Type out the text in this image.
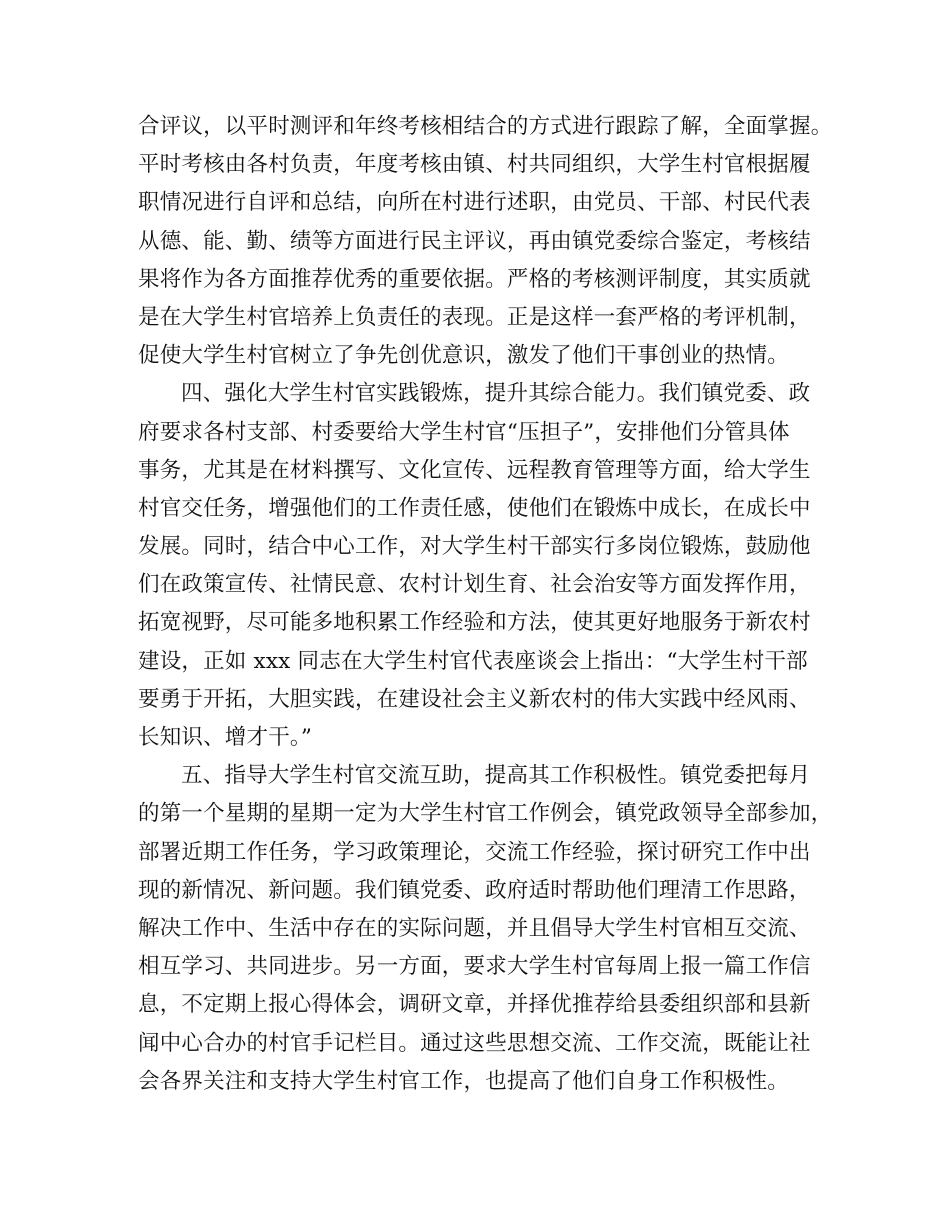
合评议，以平时测评和年终考核相结合的方式进行跟踪了解，全面掌握。
平时考核由各村负责，年度考核由镇、村共同组织，大学生村官根据履
职情况进行自评和总结，向所在村进行述职，由党员、干部、村民代表
从德、能、勤、绩等方面进行民主评议，再由镇党委综合鉴定，考核结
果将作为各方面推荐优秀的重要依据。严格的考核测评制度，其实质就
是在大学生村官培养上负责任的表现。正是这样一套严格的考评机制，
促使大学生村官树立了争先创优意识，激发了他们干事创业的热情。
四、强化大学生村官实践锻炼，提升其综合能力。我们镇党委、政
府要求各村支部、村委要给大学生村官“压担子”，安排他们分管具体
事务，尤其是在材料撰写、文化宣传、远程教育管理等方面，给大学生
村官交任务，增强他们的工作责任感，使他们在锻炼中成长，在成长中
发展。同时，结合中心工作，对大学生村干部实行多岗位锻炼，鼓励他
们在政策宣传、社情民意、农村计划生育、社会治安等方面发挥作用，
拓宽视野，尽可能多地积累工作经验和方法，使其更好地服务于新农村
建设，正如 xxx 同志在大学生村官代表座谈会上指出：“大学生村干部
要勇于开拓，大胆实践，在建设社会主义新农村的伟大实践中经风雨、
长知识、增才干。”
五、指导大学生村官交流互助，提高其工作积极性。镇党委把每月
的第一个星期的星期一定为大学生村官工作例会，镇党政领导全部参加，
部署近期工作任务，学习政策理论，交流工作经验，探讨研究工作中出
现的新情况、新问题。我们镇党委、政府适时帮助他们理清工作思路，
解决工作中、生活中存在的实际问题，并且倡导大学生村官相互交流、
相互学习、共同进步。另一方面，要求大学生村官每周上报一篇工作信
息，不定期上报心得体会，调研文章，并择优推荐给县委组织部和县新
闻中心合办的村官手记栏目。通过这些思想交流、工作交流，既能让社
会各界关注和支持大学生村官工作，也提高了他们自身工作积极性。
